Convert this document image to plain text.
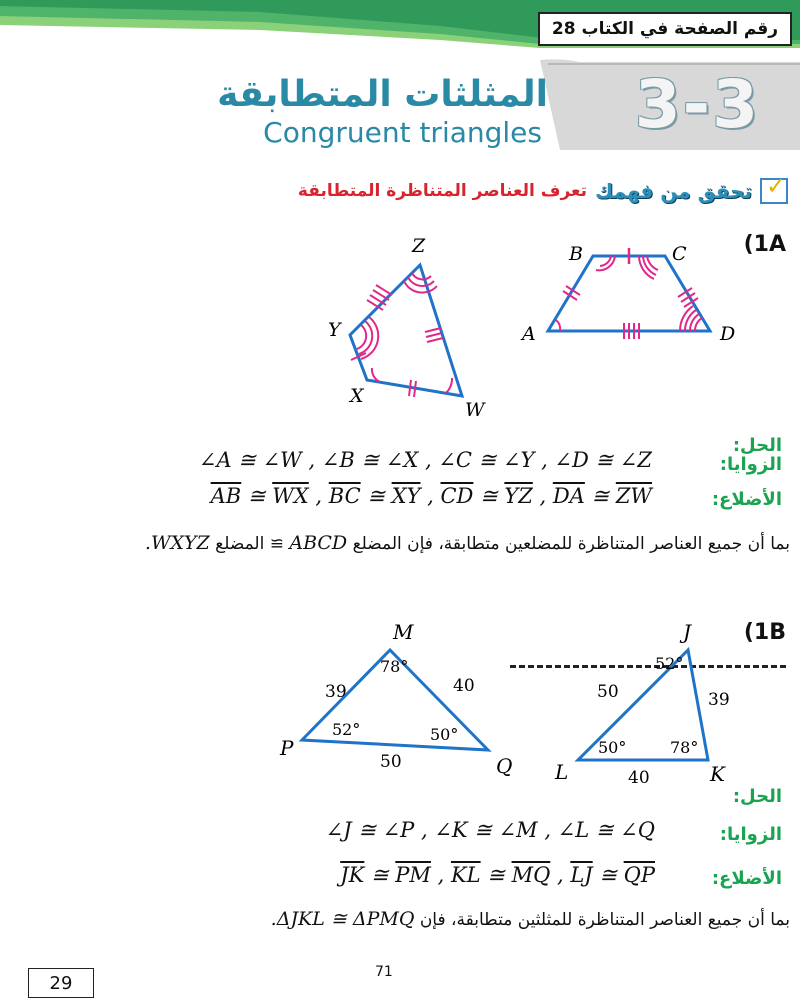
رقم الصفحة في الكتاب 28
3-3
المثلثات المتطابقة
Congruent triangles
✓
تحقق من فهمك
تعرف العناصر المتناظرة المتطابقة
(1A
A
B	C
D
W
X
Y
Z
الحل:
الزوايا:
∠A ≅ ∠W , ∠B ≅ ∠X , ∠C ≅ ∠Y , ∠D ≅ ∠Z
الأضلاع:
$\overline{AB}$ ≅ $\overline{WX}$ , $\overline{BC}$ ≅ $\overline{XY}$ , $\overline{CD}$ ≅ $\overline{YZ}$ , $\overline{DA}$ ≅ $\overline{ZW}$
بما أن جميع العناصر المتناظرة للمضلعين متطابقة، فإن المضلع ABCD ≅ المضلع WXYZ.
(1B
M
P
Q
J
L	K
39	40
50
50	39
40
78°
52°	50°
52°
50°	78°
الحل:
الزوايا:
∠J ≅ ∠P , ∠K ≅ ∠M , ∠L ≅ ∠Q
الأضلاع:
$\overline{JK}$ ≅ $\overline{PM}$ , $\overline{KL}$ ≅ $\overline{MQ}$ , $\overline{LJ}$ ≅ $\overline{QP}$
بما أن جميع العناصر المتناظرة للمثلثين متطابقة، فإن ΔJKL ≅ ΔPMQ.
71
29
